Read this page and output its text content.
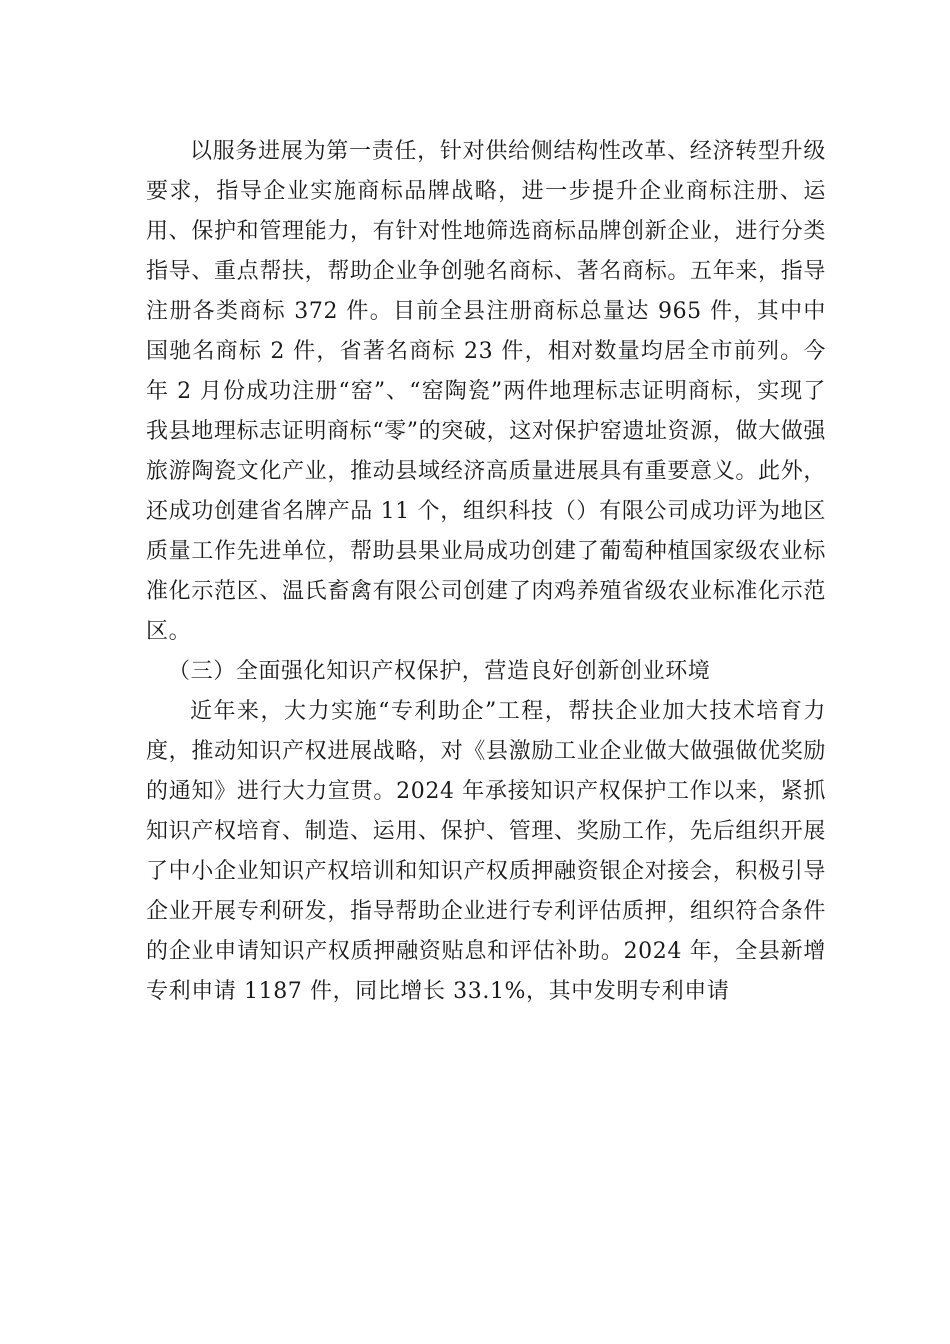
以服务进展为第一责任，针对供给侧结构性改革、经济转型升级要求，指导企业实施商标品牌战略，进一步提升企业商标注册、运用、保护和管理能力，有针对性地筛选商标品牌创新企业，进行分类指导、重点帮扶，帮助企业争创驰名商标、著名商标。五年来，指导注册各类商标 372 件。目前全县注册商标总量达 965 件，其中中国驰名商标 2 件，省著名商标 23 件，相对数量均居全市前列。今年 2 月份成功注册“窑”、“窑陶瓷”两件地理标志证明商标，实现了我县地理标志证明商标“零”的突破，这对保护窑遗址资源，做大做强旅游陶瓷文化产业，推动县域经济高质量进展具有重要意义。此外，还成功创建省名牌产品 11 个，组织科技（）有限公司成功评为地区质量工作先进单位，帮助县果业局成功创建了葡萄种植国家级农业标准化示范区、温氏畜禽有限公司创建了肉鸡养殖省级农业标准化示范区。

（三）全面强化知识产权保护，营造良好创新创业环境

近年来，大力实施“专利助企”工程，帮扶企业加大技术培育力度，推动知识产权进展战略，对《县激励工业企业做大做强做优奖励的通知》进行大力宣贯。2024 年承接知识产权保护工作以来，紧抓知识产权培育、制造、运用、保护、管理、奖励工作，先后组织开展了中小企业知识产权培训和知识产权质押融资银企对接会，积极引导企业开展专利研发，指导帮助企业进行专利评估质押，组织符合条件的企业申请知识产权质押融资贴息和评估补助。2024 年，全县新增专利申请 1187 件，同比增长 33.1%，其中发明专利申请
